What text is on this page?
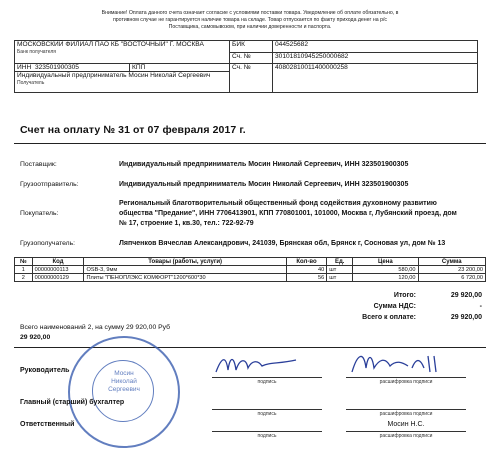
Внимание! Оплата данного счета означает согласие с условиями поставки товара. Уведомление об оплате обязательно, в противном случае не гарантируется наличие товара на складе. Товар отпускается по факту прихода денег на р/с Поставщика, самовывозом, при наличии доверенности и паспорта.
МОСКОВСКИЙ ФИЛИАЛ ПАО КБ "ВОСТОЧНЫЙ" Г. МОСКВА
Банк получателя		БИК	044525682
		Сч. №	30101810945250000682
ИНН 323501900305	КПП	Сч. №	40802810011400000258

Индивидуальный предприниматель Мосин Николай Сергеевич
Получатель			
Счет на оплату № 31 от 07 февраля 2017 г.
Поставщик:	Индивидуальный предприниматель Мосин Николай Сергеевич, ИНН 323501900305
Грузоотправитель:	Индивидуальный предприниматель Мосин Николай Сергеевич, ИНН 323501900305
Покупатель:
Региональный благотворительный общественный фонд содействия духовному развитию
общества "Предание", ИНН 7706413901, КПП 770801001, 101000, Москва г, Лубянский проезд, дом
№ 17, строение 1, кв.30, тел.: 722-92-79
Грузополучатель:	Ляпченков Вячеслав Александрович, 241039, Брянская обл, Брянск г, Сосновая ул, дом № 13
№	Код	Товары (работы, услуги)	Кол-во	Ед.	Цена	Сумма
1	00000000113	OSB-3, 9мм	40	шт	580,00	23 200,00
2	00000000129	Плиты "ПЕНОПЛЭКС КОМФОРТ"1200*600*30	56	шт	120,00	6 720,00
Итого:	29 920,00
Сумма НДС:	-
Всего к оплате:	29 920,00
Всего наименований 2, на сумму 29 920,00 Руб
29 920,00
Мосин
Николай
Сергеевич
Руководитель
подпись	расшифровка подписи
Главный (старший) бухгалтер
подпись	расшифровка подписи
Ответственный	Мосин Н.С.
подпись	расшифровка подписи
